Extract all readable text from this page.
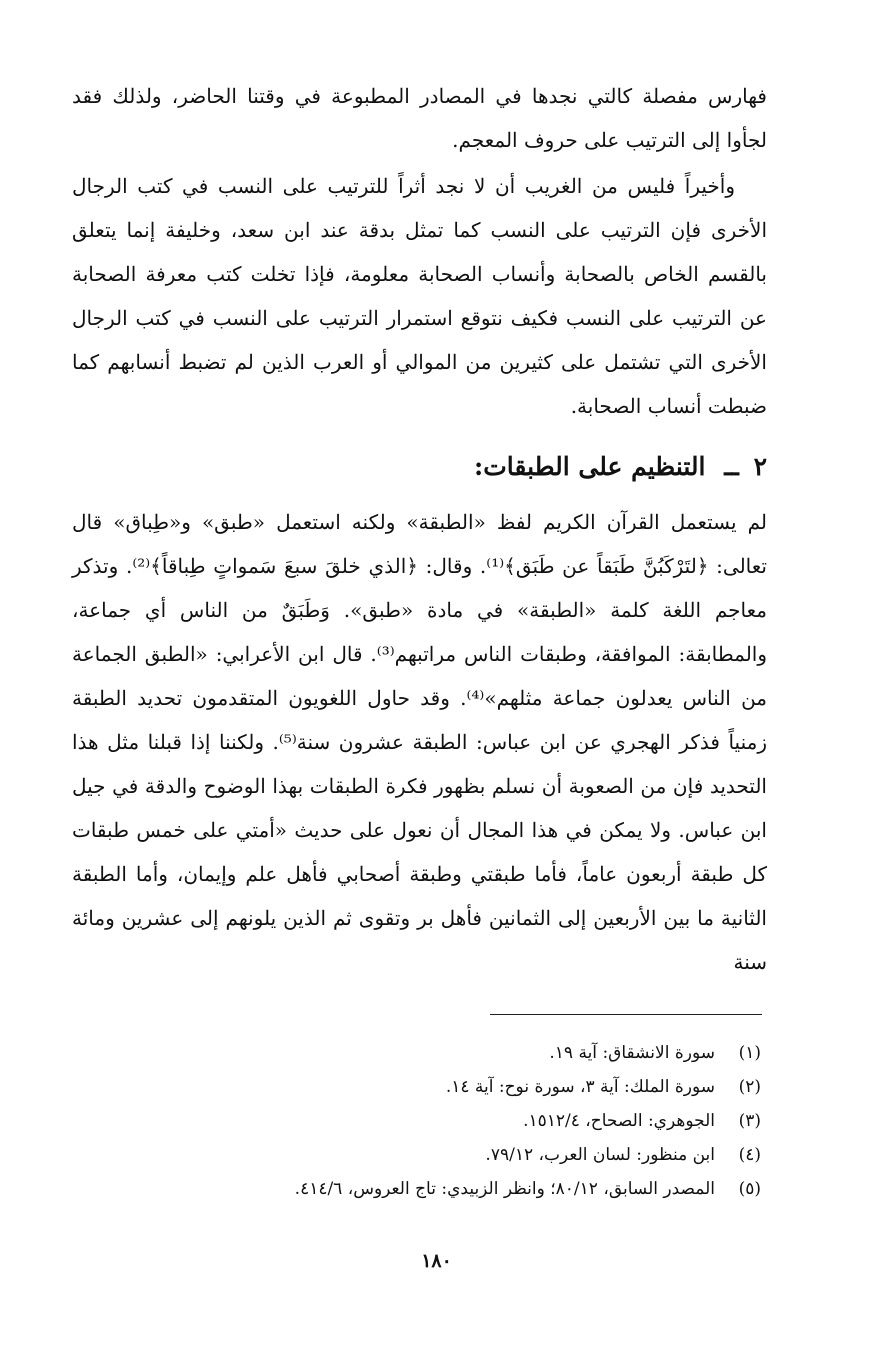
فهارس مفصلة كالتي نجدها في المصادر المطبوعة في وقتنا الحاضر، ولذلك فقد لجأوا إلى الترتيب على حروف المعجم.

وأخيراً فليس من الغريب أن لا نجد أثراً للترتيب على النسب في كتب الرجال الأخرى فإن الترتيب على النسب كما تمثل بدقة عند ابن سعد، وخليفة إنما يتعلق بالقسم الخاص بالصحابة وأنساب الصحابة معلومة، فإذا تخلت كتب معرفة الصحابة عن الترتيب على النسب فكيف نتوقع استمرار الترتيب على النسب في كتب الرجال الأخرى التي تشتمل على كثيرين من الموالي أو العرب الذين لم تضبط أنسابهم كما ضبطت أنساب الصحابة.

٢ ــ التنظيم على الطبقات:

لم يستعمل القرآن الكريم لفظ «الطبقة» ولكنه استعمل «طبق» و«طِباق» قال تعالى: ﴿لتَرْكَبُنَّ طَبَقاً عن طَبَق﴾⁽¹⁾. وقال: ﴿الذي خلقَ سبعَ سَمواتٍ طِباقاً﴾⁽²⁾. وتذكر معاجم اللغة كلمة «الطبقة» في مادة «طبق». وَطَبَقٌ من الناس أي جماعة، والمطابقة: الموافقة، وطبقات الناس مراتبهم⁽³⁾. قال ابن الأعرابي: «الطبق الجماعة من الناس يعدلون جماعة مثلهم»⁽⁴⁾. وقد حاول اللغويون المتقدمون تحديد الطبقة زمنياً فذكر الهجري عن ابن عباس: الطبقة عشرون سنة⁽⁵⁾. ولكننا إذا قبلنا مثل هذا التحديد فإن من الصعوبة أن نسلم بظهور فكرة الطبقات بهذا الوضوح والدقة في جيل ابن عباس. ولا يمكن في هذا المجال أن نعول على حديث «أمتي على خمس طبقات كل طبقة أربعون عاماً، فأما طبقتي وطبقة أصحابي فأهل علم وإيمان، وأما الطبقة الثانية ما بين الأربعين إلى الثمانين فأهل بر وتقوى ثم الذين يلونهم إلى عشرين ومائة سنة

(١)سورة الانشقاق: آية ١٩.
(٢)سورة الملك: آية ٣، سورة نوح: آية ١٤.
(٣)الجوهري: الصحاح، ١٥١٢/٤.
(٤)ابن منظور: لسان العرب، ٧٩/١٢.
(٥)المصدر السابق، ٨٠/١٢؛ وانظر الزبيدي: تاج العروس، ٤١٤/٦.
١٨٠
